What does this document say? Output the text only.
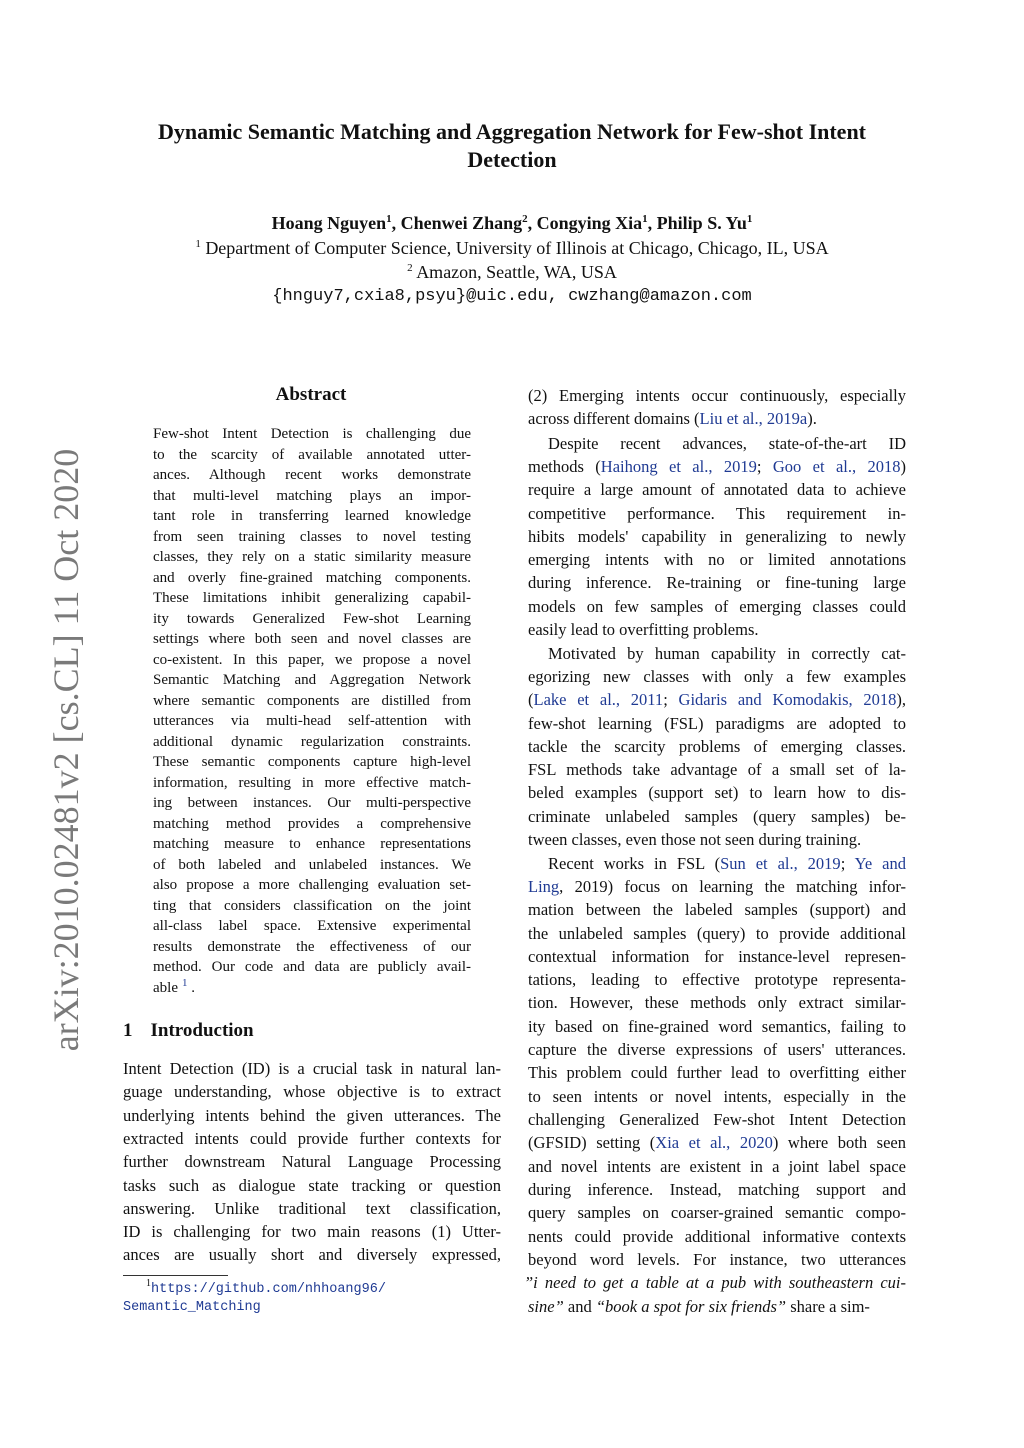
Dynamic Semantic Matching and Aggregation Network for Few-shot Intent Detection
Hoang Nguyen$^1$, Chenwei Zhang$^2$, Congying Xia$^1$, Philip S. Yu$^1$
$^1$ Department of Computer Science, University of Illinois at Chicago, Chicago, IL, USA
$^2$ Amazon, Seattle, WA, USA
{hnguy7,cxia8,psyu}@uic.edu, cwzhang@amazon.com
arXiv:2010.02481v2 [cs.CL] 11 Oct 2020
Abstract
Few-shot Intent Detection is challenging due
to the scarcity of available annotated utter-
ances. Although recent works demonstrate
that multi-level matching plays an impor-
tant role in transferring learned knowledge
from seen training classes to novel testing
classes, they rely on a static similarity measure
and overly fine-grained matching components.
These limitations inhibit generalizing capabil-
ity towards Generalized Few-shot Learning
settings where both seen and novel classes are
co-existent. In this paper, we propose a novel
Semantic Matching and Aggregation Network
where semantic components are distilled from
utterances via multi-head self-attention with
additional dynamic regularization constraints.
These semantic components capture high-level
information, resulting in more effective match-
ing between instances. Our multi-perspective
matching method provides a comprehensive
matching measure to enhance representations
of both labeled and unlabeled instances. We
also propose a more challenging evaluation set-
ting that considers classification on the joint
all-class label space. Extensive experimental
results demonstrate the effectiveness of our
method. Our code and data are publicly avail-
able $^1$ .
1 Introduction
Intent Detection (ID) is a crucial task in natural lan-
guage understanding, whose objective is to extract
underlying intents behind the given utterances. The
extracted intents could provide further contexts for
further downstream Natural Language Processing
tasks such as dialogue state tracking or question
answering. Unlike traditional text classification,
ID is challenging for two main reasons (1) Utter-
ances are usually short and diversely expressed,
1 https://github.com/nhhoang96/
Semantic_Matching
(2) Emerging intents occur continuously, especially
across different domains (Liu et al., 2019a).
Despite recent advances, state-of-the-art ID
methods (Haihong et al., 2019; Goo et al., 2018)
require a large amount of annotated data to achieve
competitive performance. This requirement in-
hibits models' capability in generalizing to newly
emerging intents with no or limited annotations
during inference. Re-training or fine-tuning large
models on few samples of emerging classes could
easily lead to overfitting problems.
Motivated by human capability in correctly cat-
egorizing new classes with only a few examples
(Lake et al., 2011; Gidaris and Komodakis, 2018),
few-shot learning (FSL) paradigms are adopted to
tackle the scarcity problems of emerging classes.
FSL methods take advantage of a small set of la-
beled examples (support set) to learn how to dis-
criminate unlabeled samples (query samples) be-
tween classes, even those not seen during training.
Recent works in FSL (Sun et al., 2019; Ye and
Ling, 2019) focus on learning the matching infor-
mation between the labeled samples (support) and
the unlabeled samples (query) to provide additional
contextual information for instance-level represen-
tations, leading to effective prototype representa-
tion. However, these methods only extract similar-
ity based on fine-grained word semantics, failing to
capture the diverse expressions of users' utterances.
This problem could further lead to overfitting either
to seen intents or novel intents, especially in the
challenging Generalized Few-shot Intent Detection
(GFSID) setting (Xia et al., 2020) where both seen
and novel intents are existent in a joint label space
during inference. Instead, matching support and
query samples on coarser-grained semantic compo-
nents could provide additional informative contexts
beyond word levels. For instance, two utterances
”i need to get a table at a pub with southeastern cui-
sine” and “book a spot for six friends” share a sim-
